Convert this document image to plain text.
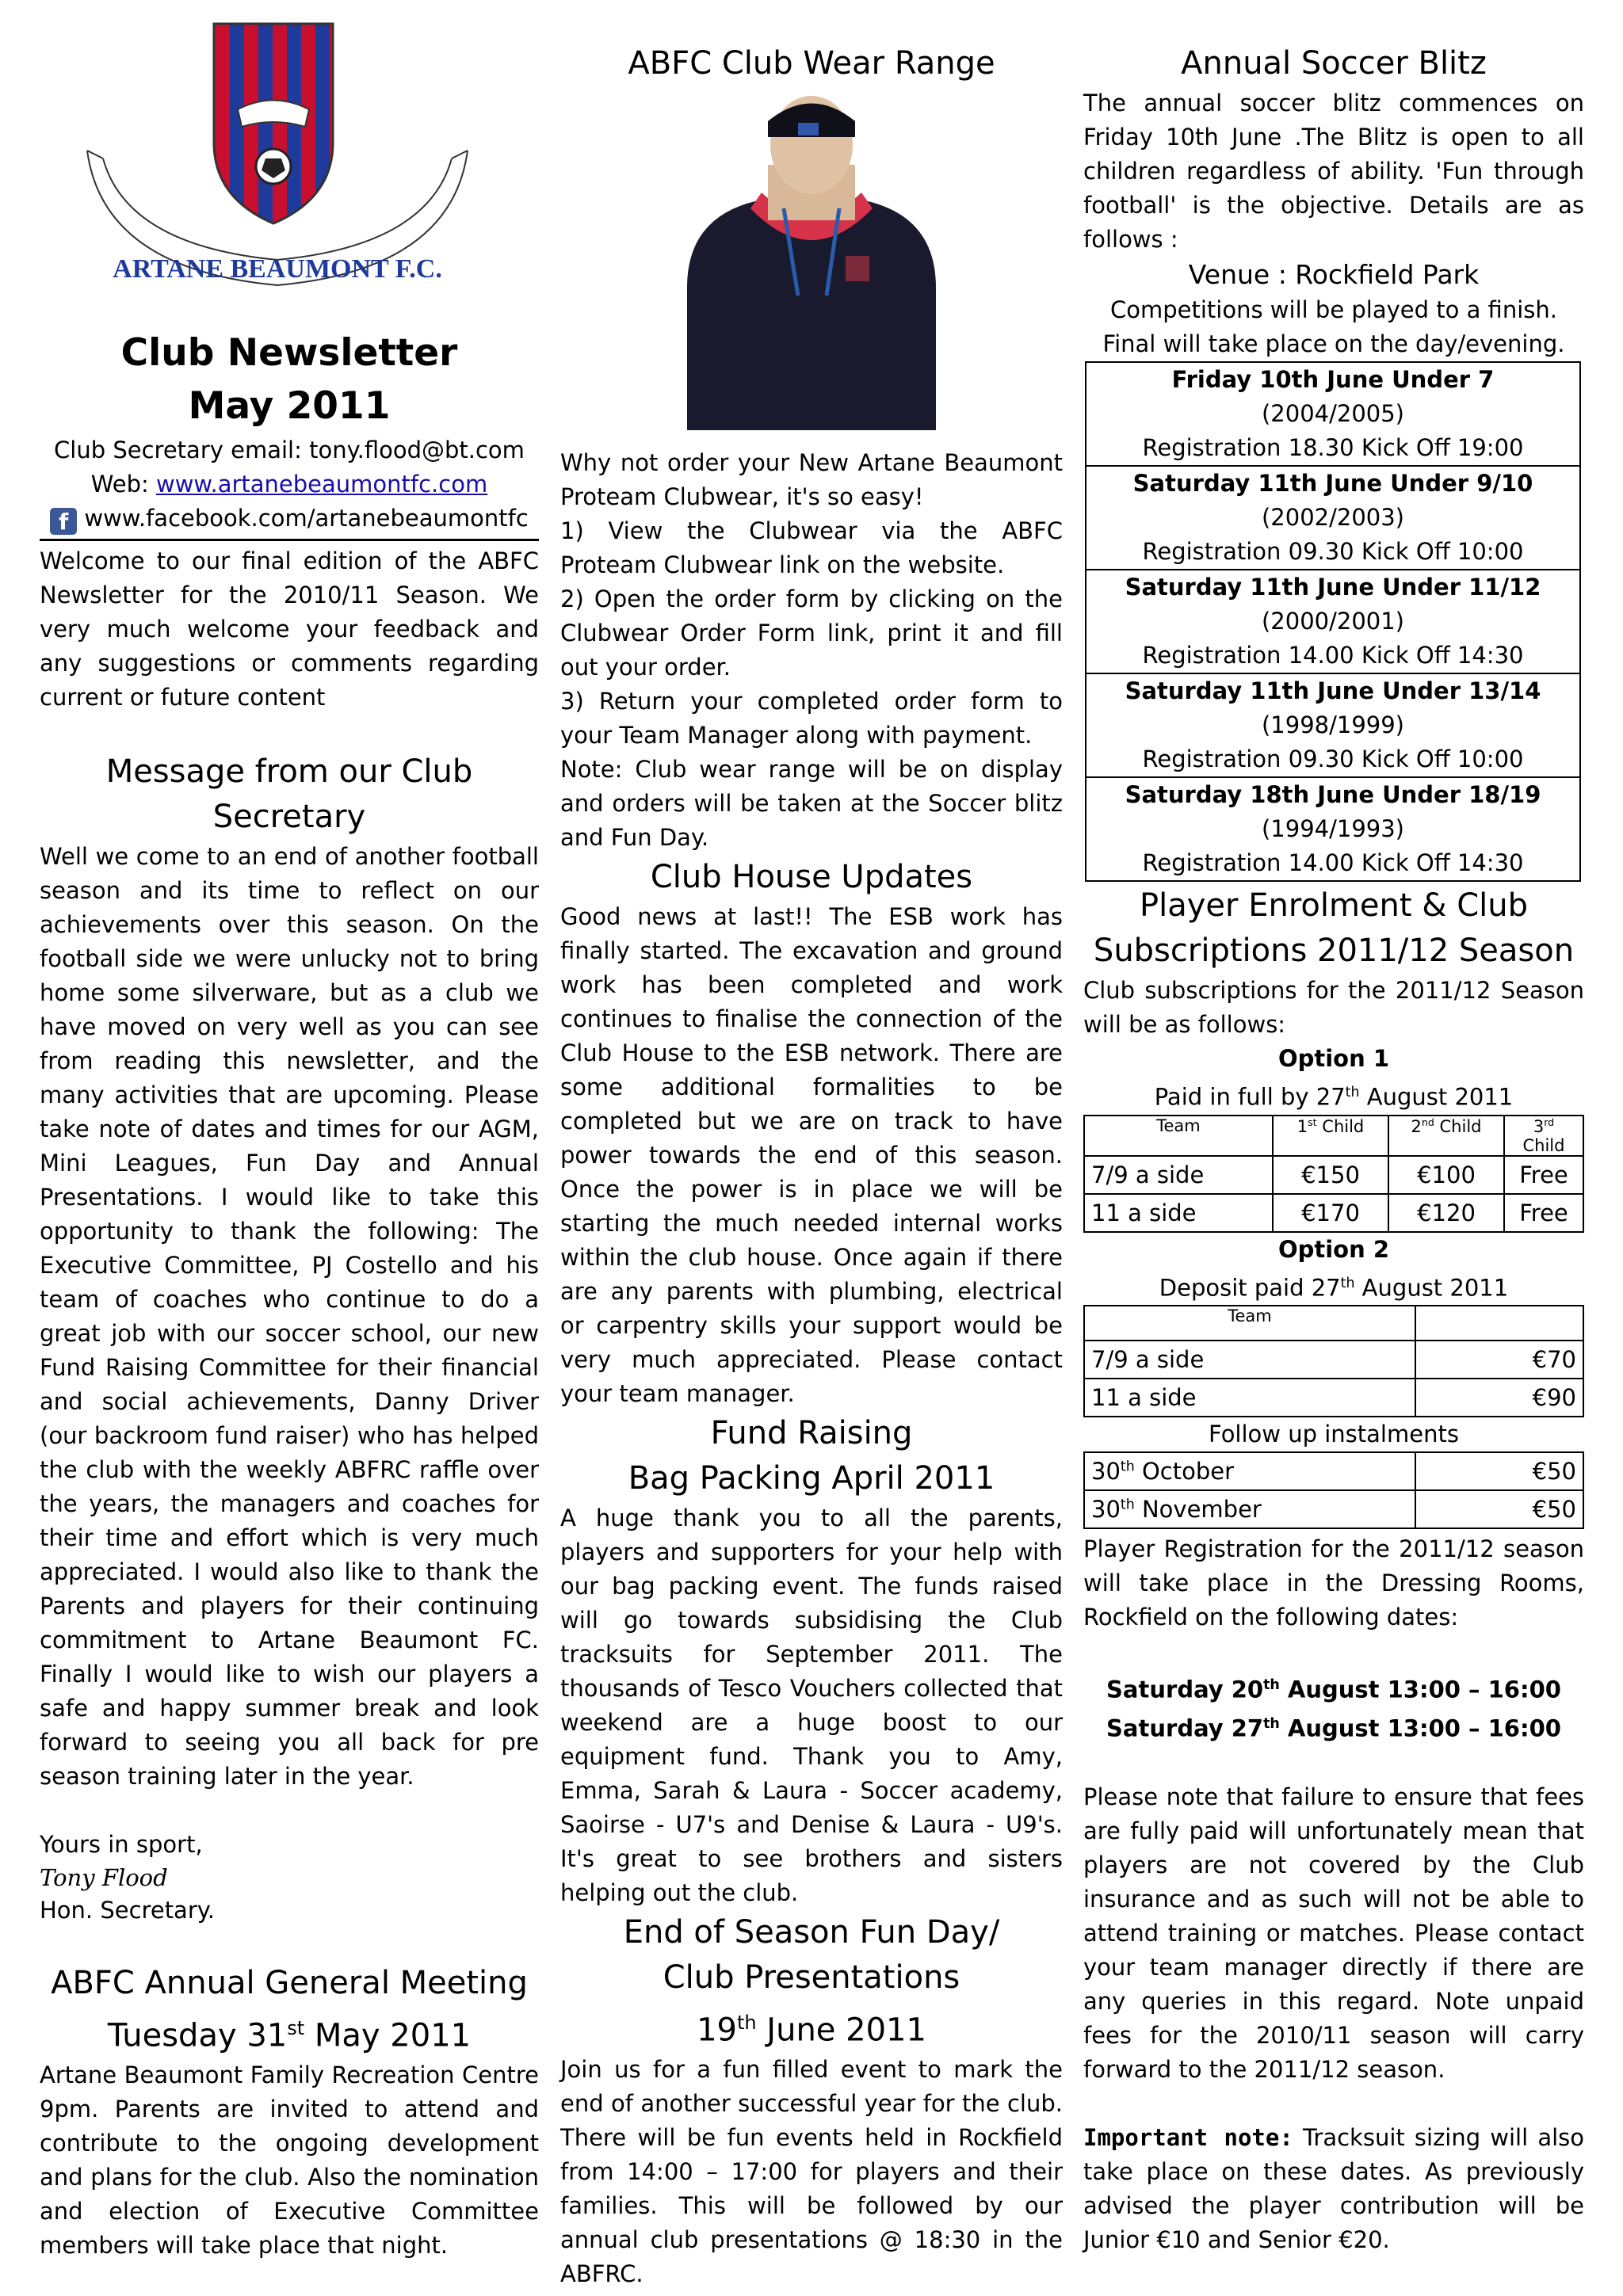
ARTANE BEAUMONT F.C.
Club Newsletter
May 2011

Club Secretary email: tony.flood@bt.com

Web: www.artanebeaumontfc.com

f www.facebook.com/artanebeaumontfc

Welcome to our final edition of the ABFC Newsletter for the 2010/11 Season. We very much welcome your feedback and any suggestions or comments regarding current or future content

Message from our Club
Secretary

Well we come to an end of another football season and its time to reflect on our achievements over this season. On the football side we were unlucky not to bring home some silverware, but as a club we have moved on very well as you can see from reading this newsletter, and the many activities that are upcoming. Please take note of dates and times for our AGM, Mini Leagues, Fun Day and Annual Presentations. I would like to take this opportunity to thank the following: The Executive Committee, PJ Costello and his team of coaches who continue to do a great job with our soccer school, our new Fund Raising Committee for their financial and social achievements, Danny Driver (our backroom fund raiser) who has helped the club with the weekly ABFRC raffle over the years, the managers and coaches for their time and effort which is very much appreciated. I would also like to thank the Parents and players for their continuing commitment to Artane Beaumont FC. Finally I would like to wish our players a safe and happy summer break and look forward to seeing you all back for pre season training later in the year.

Yours in sport,

Tony Flood

Hon. Secretary.

ABFC Annual General Meeting
Tuesday 31st May 2011

Artane Beaumont Family Recreation Centre 9pm. Parents are invited to attend and contribute to the ongoing development and plans for the club. Also the nomination and election of Executive Committee members will take place that night.

ABFC Club Wear Range

Why not order your New Artane Beaumont Proteam Clubwear, it's so easy!

1) View the Clubwear via the ABFC Proteam Clubwear link on the website.

2) Open the order form by clicking on the Clubwear Order Form link, print it and fill out your order.

3) Return your completed order form to your Team Manager along with payment.

Note: Club wear range will be on display and orders will be taken at the Soccer blitz and Fun Day.

Club House Updates

Good news at last!! The ESB work has finally started. The excavation and ground work has been completed and work continues to finalise the connection of the Club House to the ESB network. There are some additional formalities to be completed but we are on track to have power towards the end of this season. Once the power is in place we will be starting the much needed internal works within the club house. Once again if there are any parents with plumbing, electrical or carpentry skills your support would be very much appreciated. Please contact your team manager.

Fund Raising
Bag Packing April 2011

A huge thank you to all the parents, players and supporters for your help with our bag packing event. The funds raised will go towards subsidising the Club tracksuits for September 2011. The thousands of Tesco Vouchers collected that weekend are a huge boost to our equipment fund. Thank you to Amy, Emma, Sarah & Laura - Soccer academy, Saoirse - U7's and Denise & Laura - U9's. It's great to see brothers and sisters helping out the club.

End of Season Fun Day/
Club Presentations
19th June 2011

Join us for a fun filled event to mark the end of another successful year for the club. There will be fun events held in Rockfield from 14:00 – 17:00 for players and their families. This will be followed by our annual club presentations @ 18:30 in the ABFRC.

Annual Soccer Blitz

The annual soccer blitz commences on Friday 10th June .The Blitz is open to all children regardless of ability. 'Fun through football' is the objective. Details are as follows :

Venue : Rockfield Park

Competitions will be played to a finish. Final will take place on the day/evening.

Friday 10th June Under 7
(2004/2005)
Registration 18.30 Kick Off 19:00

Saturday 11th June Under 9/10
(2002/2003)
Registration 09.30 Kick Off 10:00

Saturday 11th June Under 11/12
(2000/2001)
Registration 14.00 Kick Off 14:30

Saturday 11th June Under 13/14
(1998/1999)
Registration 09.30 Kick Off 10:00

Saturday 18th June Under 18/19
(1994/1993)
Registration 14.00 Kick Off 14:30
Player Enrolment & Club
Subscriptions 2011/12 Season

Club subscriptions for the 2011/12 Season will be as follows:

Option 1

Paid in full by 27th August 2011

Team	1st Child	2nd Child	3rd Child
7/9 a side	€150	€100	Free
11 a side	€170	€120	Free

Option 2

Deposit paid 27th August 2011

Team	
7/9 a side	€70
11 a side	€90

Follow up instalments

30th October	€50
30th November	€50

Player Registration for the 2011/12 season will take place in the Dressing Rooms, Rockfield on the following dates:

Saturday 20th August 13:00 – 16:00

Saturday 27th August 13:00 – 16:00

Please note that failure to ensure that fees are fully paid will unfortunately mean that players are not covered by the Club insurance and as such will not be able to attend training or matches. Please contact your team manager directly if there are any queries in this regard. Note unpaid fees for the 2010/11 season will carry forward to the 2011/12 season.

Important note: Tracksuit sizing will also take place on these dates. As previously advised the player contribution will be Junior €10 and Senior €20.
